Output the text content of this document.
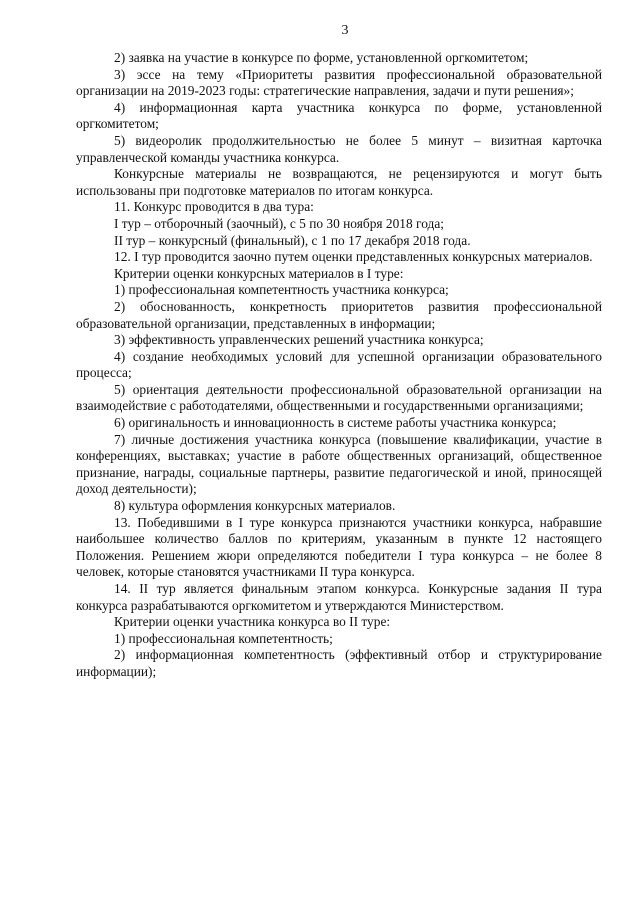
3

2) заявка на участие в конкурсе по форме, установленной оргкомитетом;

3) эссе на тему «Приоритеты развития профессиональной образовательной организации на 2019-2023 годы: стратегические направления, задачи и пути решения»;

4) информационная карта участника конкурса по форме, установленной оргкомитетом;

5) видеоролик продолжительностью не более 5 минут – визитная карточка управленческой команды участника конкурса.

Конкурсные материалы не возвращаются, не рецензируются и могут быть использованы при подготовке материалов по итогам конкурса.

11. Конкурс проводится в два тура:

I тур – отборочный (заочный), с 5 по 30 ноября 2018 года;

II тур – конкурсный (финальный), с 1 по 17 декабря 2018 года.

12. I тур проводится заочно путем оценки представленных конкурсных материалов.

Критерии оценки конкурсных материалов в I туре:

1) профессиональная компетентность участника конкурса;

2) обоснованность, конкретность приоритетов развития профессиональной образовательной организации, представленных в информации;

3) эффективность управленческих решений участника конкурса;

4) создание необходимых условий для успешной организации образовательного процесса;

5) ориентация деятельности профессиональной образовательной организации на взаимодействие с работодателями, общественными и государственными организациями;

6) оригинальность и инновационность в системе работы участника конкурса;

7) личные достижения участника конкурса (повышение квалификации, участие в конференциях, выставках; участие в работе общественных организаций, общественное признание, награды, социальные партнеры, развитие педагогической и иной, приносящей доход деятельности);

8) культура оформления конкурсных материалов.

13. Победившими в I туре конкурса признаются участники конкурса, набравшие наибольшее количество баллов по критериям, указанным в пункте 12 настоящего Положения. Решением жюри определяются победители I тура конкурса – не более 8 человек, которые становятся участниками II тура конкурса.

14. II тур является финальным этапом конкурса. Конкурсные задания II тура конкурса разрабатываются оргкомитетом и утверждаются Министерством.

Критерии оценки участника конкурса во II туре:

1) профессиональная компетентность;

2) информационная компетентность (эффективный отбор и структурирование информации);
